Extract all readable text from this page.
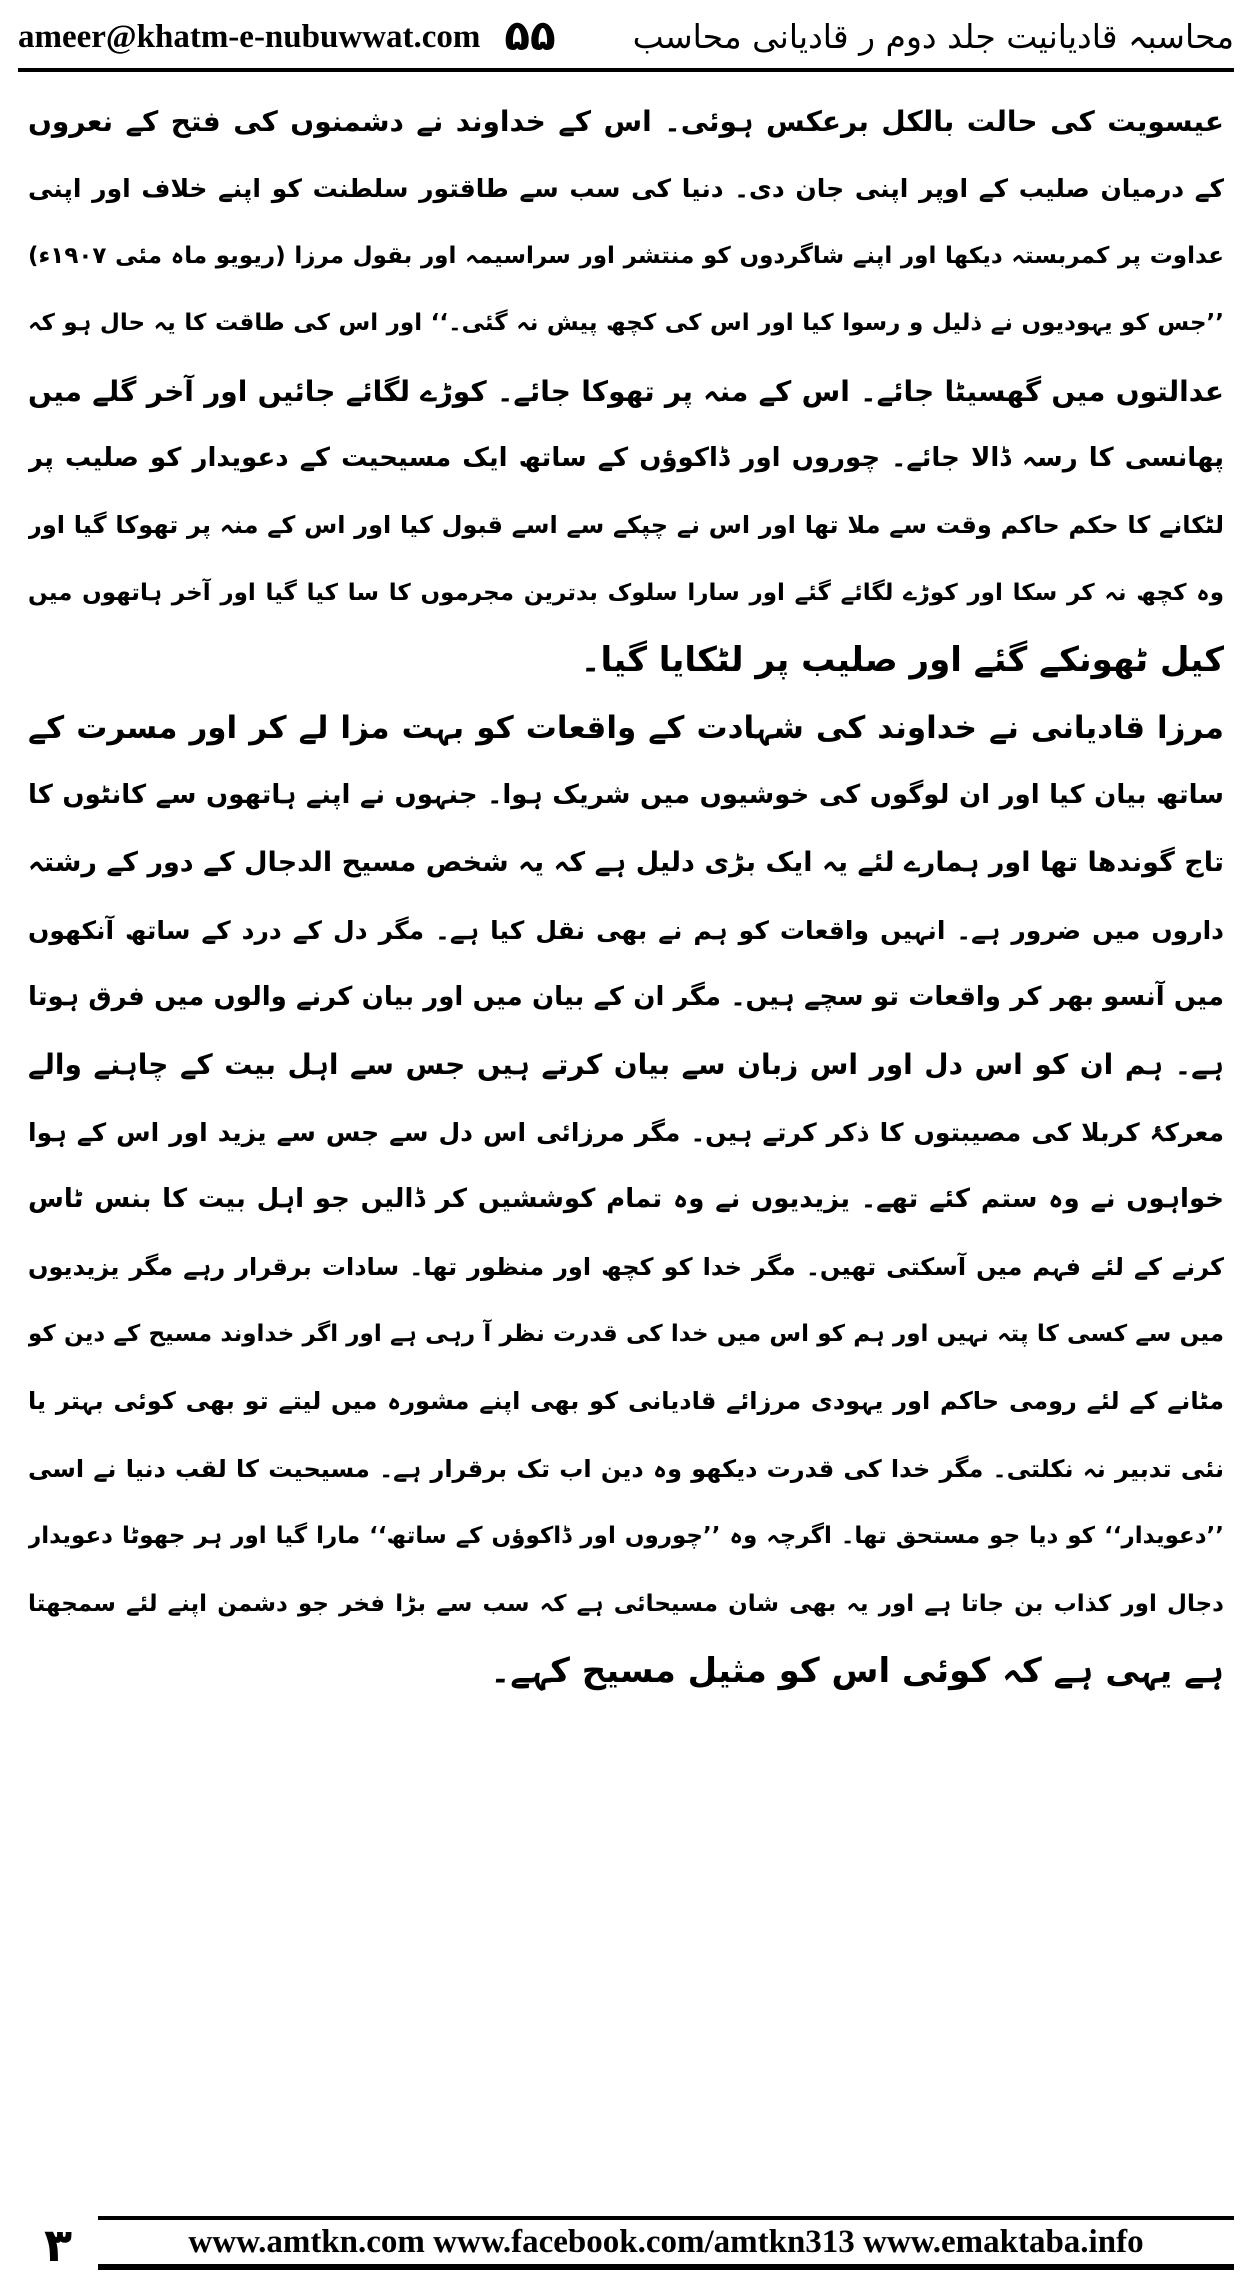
ameer@khatm-e-nubuwwat.com ۵۵ محاسبہ قادیانیت جلد دوم ر قادیانی محاسب
عیسویت کی حالت بالکل برعکس ہوئی۔ اس کے خداوند نے دشمنوں کی فتح کے نعروں
کے درمیان صلیب کے اوپر اپنی جان دی۔ دنیا کی سب سے طاقتور سلطنت کو اپنے خلاف اور اپنی
عداوت پر کمربستہ دیکھا اور اپنے شاگردوں کو منتشر اور سراسیمہ اور بقول مرزا (ریویو ماہ مئی ۱۹۰۷ء)
’’جس کو یہودیوں نے ذلیل و رسوا کیا اور اس کی کچھ پیش نہ گئی۔‘‘ اور اس کی طاقت کا یہ حال ہو کہ
عدالتوں میں گھسیٹا جائے۔ اس کے منہ پر تھوکا جائے۔ کوڑے لگائے جائیں اور آخر گلے میں
پھانسی کا رسہ ڈالا جائے۔ چوروں اور ڈاکوؤں کے ساتھ ایک مسیحیت کے دعویدار کو صلیب پر
لٹکانے کا حکم حاکم وقت سے ملا تھا اور اس نے چپکے سے اسے قبول کیا اور اس کے منہ پر تھوکا گیا اور
وہ کچھ نہ کر سکا اور کوڑے لگائے گئے اور سارا سلوک بدترین مجرموں کا سا کیا گیا اور آخر ہاتھوں میں
کیل ٹھونکے گئے اور صلیب پر لٹکایا گیا۔
مرزا قادیانی نے خداوند کی شہادت کے واقعات کو بہت مزا لے کر اور مسرت کے
ساتھ بیان کیا اور ان لوگوں کی خوشیوں میں شریک ہوا۔ جنہوں نے اپنے ہاتھوں سے کانٹوں کا
تاج گوندھا تھا اور ہمارے لئے یہ ایک بڑی دلیل ہے کہ یہ شخص مسیح الدجال کے دور کے رشتہ
داروں میں ضرور ہے۔ انہیں واقعات کو ہم نے بھی نقل کیا ہے۔ مگر دل کے درد کے ساتھ آنکھوں
میں آنسو بھر کر واقعات تو سچے ہیں۔ مگر ان کے بیان میں اور بیان کرنے والوں میں فرق ہوتا
ہے۔ ہم ان کو اس دل اور اس زبان سے بیان کرتے ہیں جس سے اہل بیت کے چاہنے والے
معرکۂ کربلا کی مصیبتوں کا ذکر کرتے ہیں۔ مگر مرزائی اس دل سے جس سے یزید اور اس کے ہوا
خواہوں نے وہ ستم کئے تھے۔ یزیدیوں نے وہ تمام کوششیں کر ڈالیں جو اہل بیت کا بنس ٹاس
کرنے کے لئے فہم میں آسکتی تھیں۔ مگر خدا کو کچھ اور منظور تھا۔ سادات برقرار رہے مگر یزیدیوں
میں سے کسی کا پتہ نہیں اور ہم کو اس میں خدا کی قدرت نظر آ رہی ہے اور اگر خداوند مسیح کے دین کو
مٹانے کے لئے رومی حاکم اور یہودی مرزائے قادیانی کو بھی اپنے مشورہ میں لیتے تو بھی کوئی بہتر یا
نئی تدبیر نہ نکلتی۔ مگر خدا کی قدرت دیکھو وہ دین اب تک برقرار ہے۔ مسیحیت کا لقب دنیا نے اسی
’’دعویدار‘‘ کو دیا جو مستحق تھا۔ اگرچہ وہ ’’چوروں اور ڈاکوؤں کے ساتھ‘‘ مارا گیا اور ہر جھوٹا دعویدار
دجال اور کذاب بن جاتا ہے اور یہ بھی شان مسیحائی ہے کہ سب سے بڑا فخر جو دشمن اپنے لئے سمجھتا
ہے یہی ہے کہ کوئی اس کو مثیل مسیح کہے۔
۳	www.amtkn.com www.facebook.com/amtkn313 www.emaktaba.info
